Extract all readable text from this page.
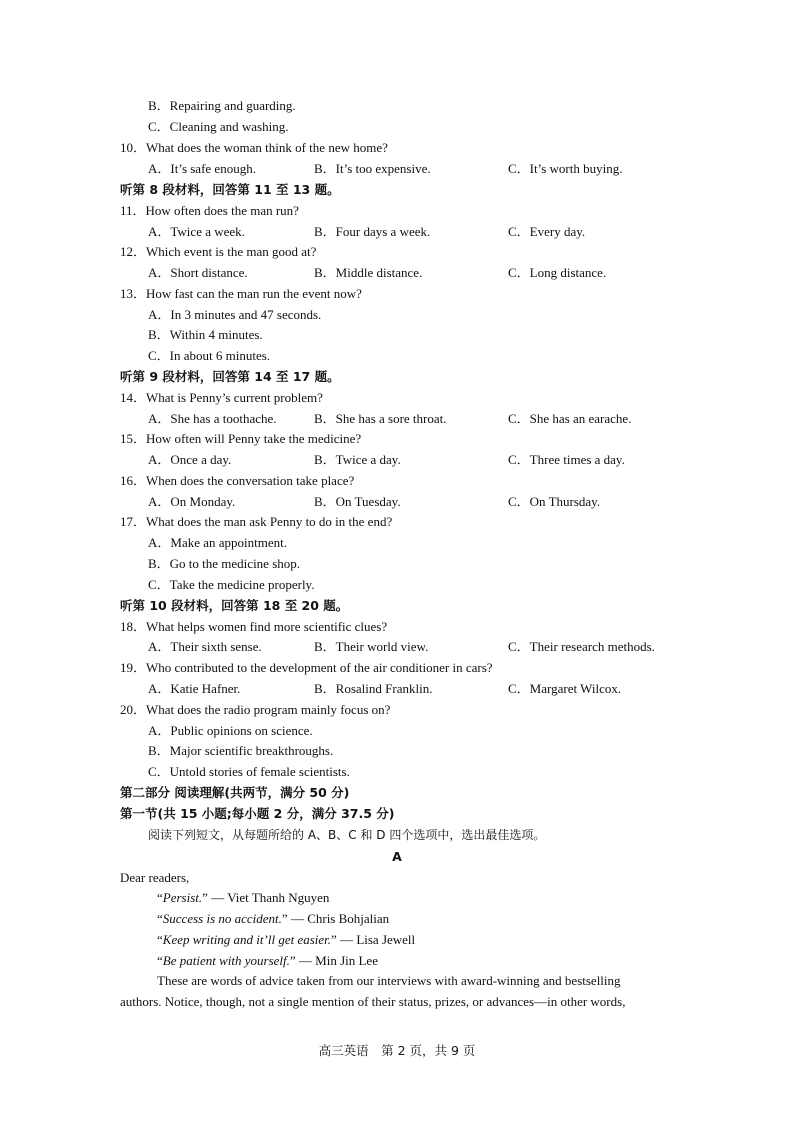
B．Repairing and guarding.
C．Cleaning and washing.
10．What does the woman think of the new home?
A．It’s safe enough.	B．It’s too expensive.	C．It’s worth buying.
听第 8 段材料，回答第 11 至 13 题。
11．How often does the man run?
A．Twice a week.	B．Four days a week.	C．Every day.
12．Which event is the man good at?
A．Short distance.	B．Middle distance.	C．Long distance.
13．How fast can the man run the event now?
A．In 3 minutes and 47 seconds.
B．Within 4 minutes.
C．In about 6 minutes.
听第 9 段材料，回答第 14 至 17 题。
14．What is Penny’s current problem?
A．She has a toothache.	B．She has a sore throat.	C．She has an earache.
15．How often will Penny take the medicine?
A．Once a day.	B．Twice a day.	C．Three times a day.
16．When does the conversation take place?
A．On Monday.	B．On Tuesday.	C．On Thursday.
17．What does the man ask Penny to do in the end?
A．Make an appointment.
B．Go to the medicine shop.
C．Take the medicine properly.
听第 10 段材料，回答第 18 至 20 题。
18．What helps women find more scientific clues?
A．Their sixth sense.	B．Their world view.	C．Their research methods.
19．Who contributed to the development of the air conditioner in cars?
A．Katie Hafner.	B．Rosalind Franklin.	C．Margaret Wilcox.
20．What does the radio program mainly focus on?
A．Public opinions on science.
B．Major scientific breakthroughs.
C．Untold stories of female scientists.
第二部分 阅读理解(共两节，满分 50 分)
第一节(共 15 小题;每小题 2 分，满分 37.5 分)
阅读下列短文，从每题所给的 A、B、C 和 D 四个选项中，选出最佳选项。
A
Dear readers,
“Persist.” — Viet Thanh Nguyen
“Success is no accident.” — Chris Bohjalian
“Keep writing and it’ll get easier.” — Lisa Jewell
“Be patient with yourself.” — Min Jin Lee
These are words of advice taken from our interviews with award-winning and bestselling
authors. Notice, though, not a single mention of their status, prizes, or advances—in other words,
高三英语　第 2 页，共 9 页
